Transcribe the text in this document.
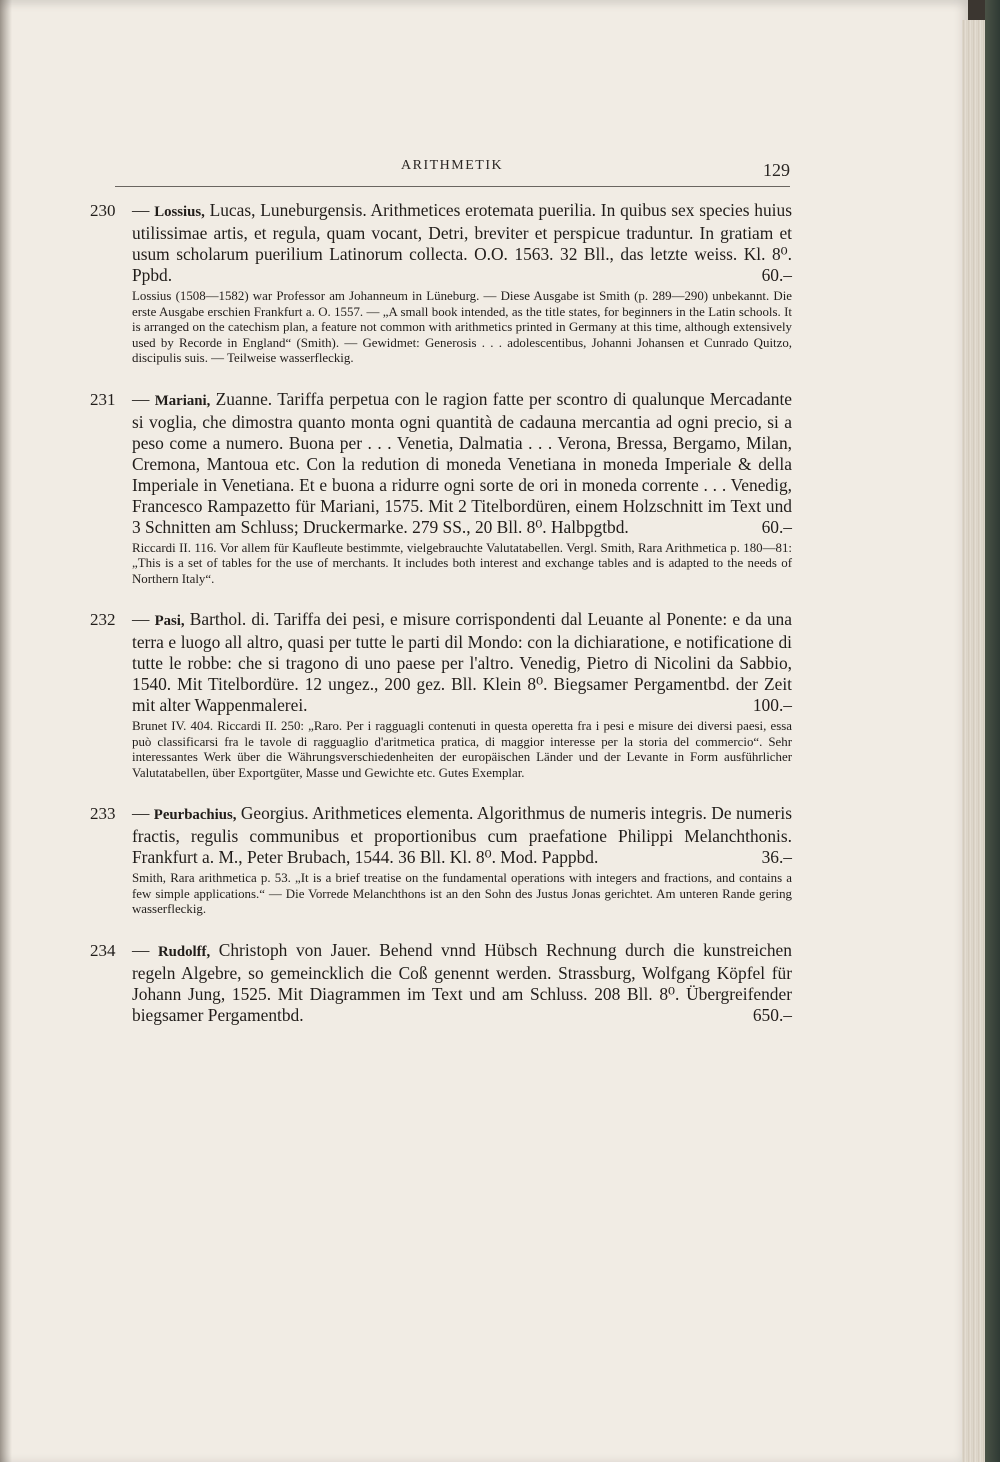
ARITHMETIK	129
230 — Lossius, Lucas, Luneburgensis. Arithmetices erotemata puerilia. In quibus sex species huius utilissimae artis, et regula, quam vocant, Detri, breviter et perspicue traduntur. In gratiam et usum scholarum puerilium Latinorum collecta. O.O. 1563. 32 Bll., das letzte weiss. Kl. 8⁰. Ppbd.	60.–
Lossius (1508—1582) war Professor am Johanneum in Lüneburg. — Diese Ausgabe ist Smith (p. 289—290) unbekannt. Die erste Ausgabe erschien Frankfurt a. O. 1557. — „A small book intended, as the title states, for beginners in the Latin schools. It is arranged on the catechism plan, a feature not common with arithmetics printed in Germany at this time, although extensively used by Recorde in England“ (Smith). — Gewidmet: Generosis . . . adolescentibus, Johanni Johansen et Cunrado Quitzo, discipulis suis. — Teilweise wasserfleckig.
231 — Mariani, Zuanne. Tariffa perpetua con le ragion fatte per scontro di qualunque Mercadante si voglia, che dimostra quanto monta ogni quantità de cadauna mercantia ad ogni precio, si a peso come a numero. Buona per . . . Venetia, Dalmatia . . . Verona, Bressa, Bergamo, Milan, Cremona, Mantoua etc. Con la redution di moneda Venetiana in moneda Imperiale & della Imperiale in Venetiana. Et e buona a ridurre ogni sorte de ori in moneda corrente . . . Venedig, Francesco Rampazetto für Mariani, 1575. Mit 2 Titelbordüren, einem Holzschnitt im Text und 3 Schnitten am Schluss; Druckermarke. 279 SS., 20 Bll. 8⁰. Halbpgtbd.	60.–
Riccardi II. 116. Vor allem für Kaufleute bestimmte, vielgebrauchte Valutatabellen. Vergl. Smith, Rara Arithmetica p. 180—81: „This is a set of tables for the use of merchants. It includes both interest and exchange tables and is adapted to the needs of Northern Italy“.
232 — Pasi, Barthol. di. Tariffa dei pesi, e misure corrispondenti dal Leuante al Ponente: e da una terra e luogo all altro, quasi per tutte le parti dil Mondo: con la dichiaratione, e notificatione di tutte le robbe: che si tragono di uno paese per l'altro. Venedig, Pietro di Nicolini da Sabbio, 1540. Mit Titelbordüre. 12 ungez., 200 gez. Bll. Klein 8⁰. Biegsamer Pergamentbd. der Zeit mit alter Wappenmalerei.	100.–
Brunet IV. 404. Riccardi II. 250: „Raro. Per i ragguagli contenuti in questa operetta fra i pesi e misure dei diversi paesi, essa può classificarsi fra le tavole di ragguaglio d'aritmetica pratica, di maggior interesse per la storia del commercio“. Sehr interessantes Werk über die Währungsverschiedenheiten der europäischen Länder und der Levante in Form ausführlicher Valutatabellen, über Exportgüter, Masse und Gewichte etc. Gutes Exemplar.
233 — Peurbachius, Georgius. Arithmetices elementa. Algorithmus de numeris integris. De numeris fractis, regulis communibus et proportionibus cum praefatione Philippi Melanchthonis. Frankfurt a. M., Peter Brubach, 1544. 36 Bll. Kl. 8⁰. Mod. Pappbd.	36.–
Smith, Rara arithmetica p. 53. „It is a brief treatise on the fundamental operations with integers and fractions, and contains a few simple applications.“ — Die Vorrede Melanchthons ist an den Sohn des Justus Jonas gerichtet. Am unteren Rande gering wasserfleckig.
234 — Rudolff, Christoph von Jauer. Behend vnnd Hübsch Rechnung durch die kunstreichen regeln Algebre, so gemeincklich die Coß genennt werden. Strassburg, Wolfgang Köpfel für Johann Jung, 1525. Mit Diagrammen im Text und am Schluss. 208 Bll. 8⁰. Übergreifender biegsamer Pergamentbd.	650.–
